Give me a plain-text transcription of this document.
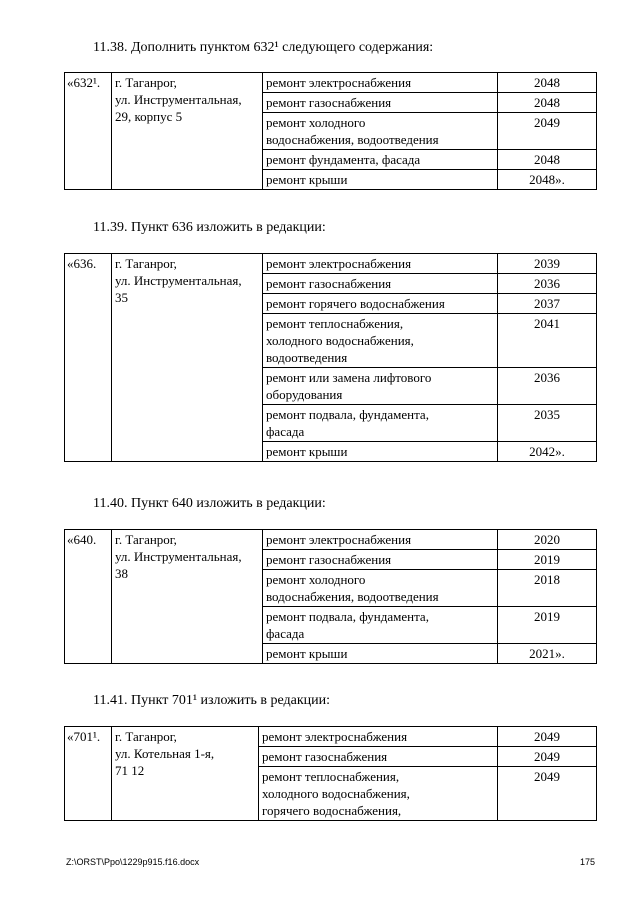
11.38. Дополнить пунктом 632¹ следующего содержания:
«632¹.	г. Таганрог,
ул. Инструментальная,
29, корпус 5	ремонт электроснабжения	2048

		ремонт газоснабжения	2048

		ремонт холодного
водоснабжения, водоотведения	2049

		ремонт фундамента, фасада	2048

		ремонт крыши	2048».
11.39. Пункт 636 изложить в редакции:
«636.	г. Таганрог,
ул. Инструментальная,
35	ремонт электроснабжения	2039

		ремонт газоснабжения	2036

		ремонт горячего водоснабжения	2037

		ремонт теплоснабжения,
холодного водоснабжения,
водоотведения	2041

		ремонт или замена лифтового
оборудования	2036

		ремонт подвала, фундамента,
фасада	2035

		ремонт крыши	2042».
11.40. Пункт 640 изложить в редакции:
«640.	г. Таганрог,
ул. Инструментальная,
38	ремонт электроснабжения	2020

		ремонт газоснабжения	2019

		ремонт холодного
водоснабжения, водоотведения	2018

		ремонт подвала, фундамента,
фасада	2019

		ремонт крыши	2021».
11.41. Пункт 701¹ изложить в редакции:
«701¹.	г. Таганрог,
ул. Котельная 1-я,
71 12	ремонт электроснабжения	2049

		ремонт газоснабжения	2049

		ремонт теплоснабжения,
холодного водоснабжения,
горячего водоснабжения,	2049
Z:\ORST\Ppo\1229p915.f16.docx	175
